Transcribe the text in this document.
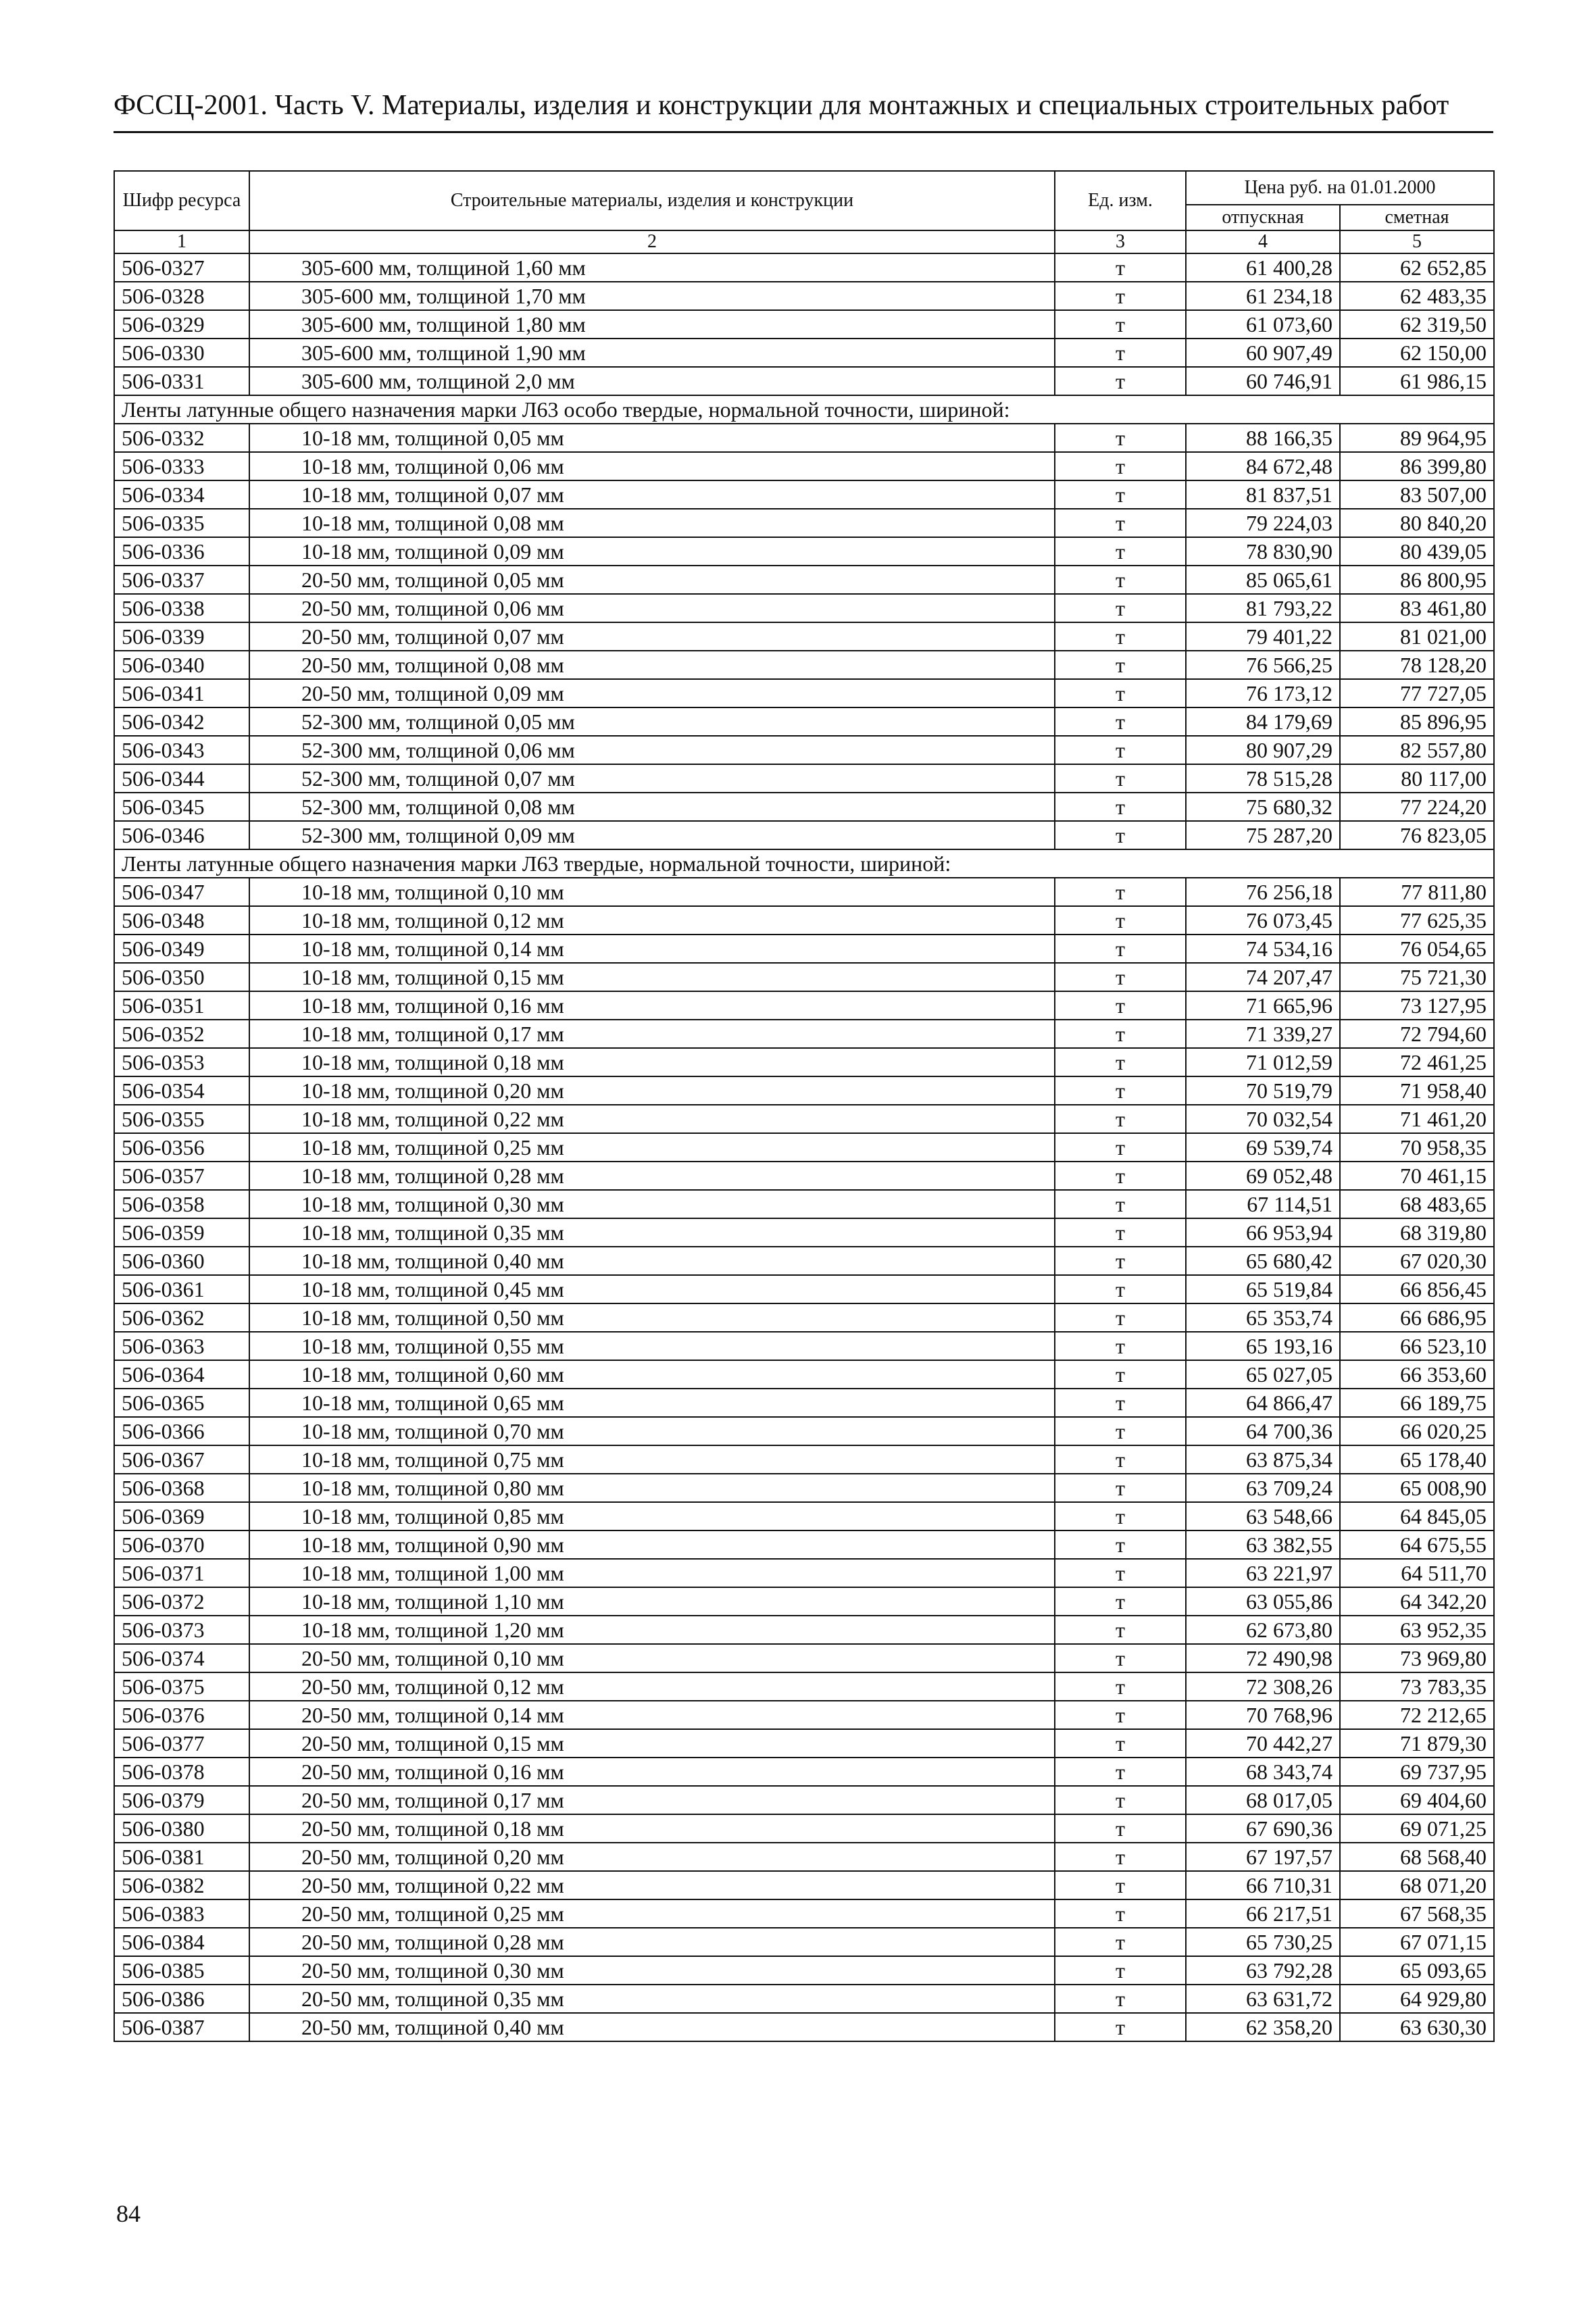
ФССЦ-2001. Часть V. Материалы, изделия и конструкции для монтажных и специальных строительных работ
Шифр ресурса	Строительные материалы, изделия и конструкции	Ед. изм.	Цена руб. на 01.01.2000	
			отпускная	сметная
1	2	3	4	5
506-0327	305-600 мм, толщиной 1,60 мм	т	61 400,28	62 652,85
506-0328	305-600 мм, толщиной 1,70 мм	т	61 234,18	62 483,35
506-0329	305-600 мм, толщиной 1,80 мм	т	61 073,60	62 319,50
506-0330	305-600 мм, толщиной 1,90 мм	т	60 907,49	62 150,00
506-0331	305-600 мм, толщиной 2,0 мм	т	60 746,91	61 986,15
Ленты латунные общего назначения марки Л63 особо твердые, нормальной точности, шириной:				
506-0332	10-18 мм, толщиной 0,05 мм	т	88 166,35	89 964,95
506-0333	10-18 мм, толщиной 0,06 мм	т	84 672,48	86 399,80
506-0334	10-18 мм, толщиной 0,07 мм	т	81 837,51	83 507,00
506-0335	10-18 мм, толщиной 0,08 мм	т	79 224,03	80 840,20
506-0336	10-18 мм, толщиной 0,09 мм	т	78 830,90	80 439,05
506-0337	20-50 мм, толщиной 0,05 мм	т	85 065,61	86 800,95
506-0338	20-50 мм, толщиной 0,06 мм	т	81 793,22	83 461,80
506-0339	20-50 мм, толщиной 0,07 мм	т	79 401,22	81 021,00
506-0340	20-50 мм, толщиной 0,08 мм	т	76 566,25	78 128,20
506-0341	20-50 мм, толщиной 0,09 мм	т	76 173,12	77 727,05
506-0342	52-300 мм, толщиной 0,05 мм	т	84 179,69	85 896,95
506-0343	52-300 мм, толщиной 0,06 мм	т	80 907,29	82 557,80
506-0344	52-300 мм, толщиной 0,07 мм	т	78 515,28	80 117,00
506-0345	52-300 мм, толщиной 0,08 мм	т	75 680,32	77 224,20
506-0346	52-300 мм, толщиной 0,09 мм	т	75 287,20	76 823,05
Ленты латунные общего назначения марки Л63 твердые, нормальной точности, шириной:				
506-0347	10-18 мм, толщиной 0,10 мм	т	76 256,18	77 811,80
506-0348	10-18 мм, толщиной 0,12 мм	т	76 073,45	77 625,35
506-0349	10-18 мм, толщиной 0,14 мм	т	74 534,16	76 054,65
506-0350	10-18 мм, толщиной 0,15 мм	т	74 207,47	75 721,30
506-0351	10-18 мм, толщиной 0,16 мм	т	71 665,96	73 127,95
506-0352	10-18 мм, толщиной 0,17 мм	т	71 339,27	72 794,60
506-0353	10-18 мм, толщиной 0,18 мм	т	71 012,59	72 461,25
506-0354	10-18 мм, толщиной 0,20 мм	т	70 519,79	71 958,40
506-0355	10-18 мм, толщиной 0,22 мм	т	70 032,54	71 461,20
506-0356	10-18 мм, толщиной 0,25 мм	т	69 539,74	70 958,35
506-0357	10-18 мм, толщиной 0,28 мм	т	69 052,48	70 461,15
506-0358	10-18 мм, толщиной 0,30 мм	т	67 114,51	68 483,65
506-0359	10-18 мм, толщиной 0,35 мм	т	66 953,94	68 319,80
506-0360	10-18 мм, толщиной 0,40 мм	т	65 680,42	67 020,30
506-0361	10-18 мм, толщиной 0,45 мм	т	65 519,84	66 856,45
506-0362	10-18 мм, толщиной 0,50 мм	т	65 353,74	66 686,95
506-0363	10-18 мм, толщиной 0,55 мм	т	65 193,16	66 523,10
506-0364	10-18 мм, толщиной 0,60 мм	т	65 027,05	66 353,60
506-0365	10-18 мм, толщиной 0,65 мм	т	64 866,47	66 189,75
506-0366	10-18 мм, толщиной 0,70 мм	т	64 700,36	66 020,25
506-0367	10-18 мм, толщиной 0,75 мм	т	63 875,34	65 178,40
506-0368	10-18 мм, толщиной 0,80 мм	т	63 709,24	65 008,90
506-0369	10-18 мм, толщиной 0,85 мм	т	63 548,66	64 845,05
506-0370	10-18 мм, толщиной 0,90 мм	т	63 382,55	64 675,55
506-0371	10-18 мм, толщиной 1,00 мм	т	63 221,97	64 511,70
506-0372	10-18 мм, толщиной 1,10 мм	т	63 055,86	64 342,20
506-0373	10-18 мм, толщиной 1,20 мм	т	62 673,80	63 952,35
506-0374	20-50 мм, толщиной 0,10 мм	т	72 490,98	73 969,80
506-0375	20-50 мм, толщиной 0,12 мм	т	72 308,26	73 783,35
506-0376	20-50 мм, толщиной 0,14 мм	т	70 768,96	72 212,65
506-0377	20-50 мм, толщиной 0,15 мм	т	70 442,27	71 879,30
506-0378	20-50 мм, толщиной 0,16 мм	т	68 343,74	69 737,95
506-0379	20-50 мм, толщиной 0,17 мм	т	68 017,05	69 404,60
506-0380	20-50 мм, толщиной 0,18 мм	т	67 690,36	69 071,25
506-0381	20-50 мм, толщиной 0,20 мм	т	67 197,57	68 568,40
506-0382	20-50 мм, толщиной 0,22 мм	т	66 710,31	68 071,20
506-0383	20-50 мм, толщиной 0,25 мм	т	66 217,51	67 568,35
506-0384	20-50 мм, толщиной 0,28 мм	т	65 730,25	67 071,15
506-0385	20-50 мм, толщиной 0,30 мм	т	63 792,28	65 093,65
506-0386	20-50 мм, толщиной 0,35 мм	т	63 631,72	64 929,80
506-0387	20-50 мм, толщиной 0,40 мм	т	62 358,20	63 630,30
84
